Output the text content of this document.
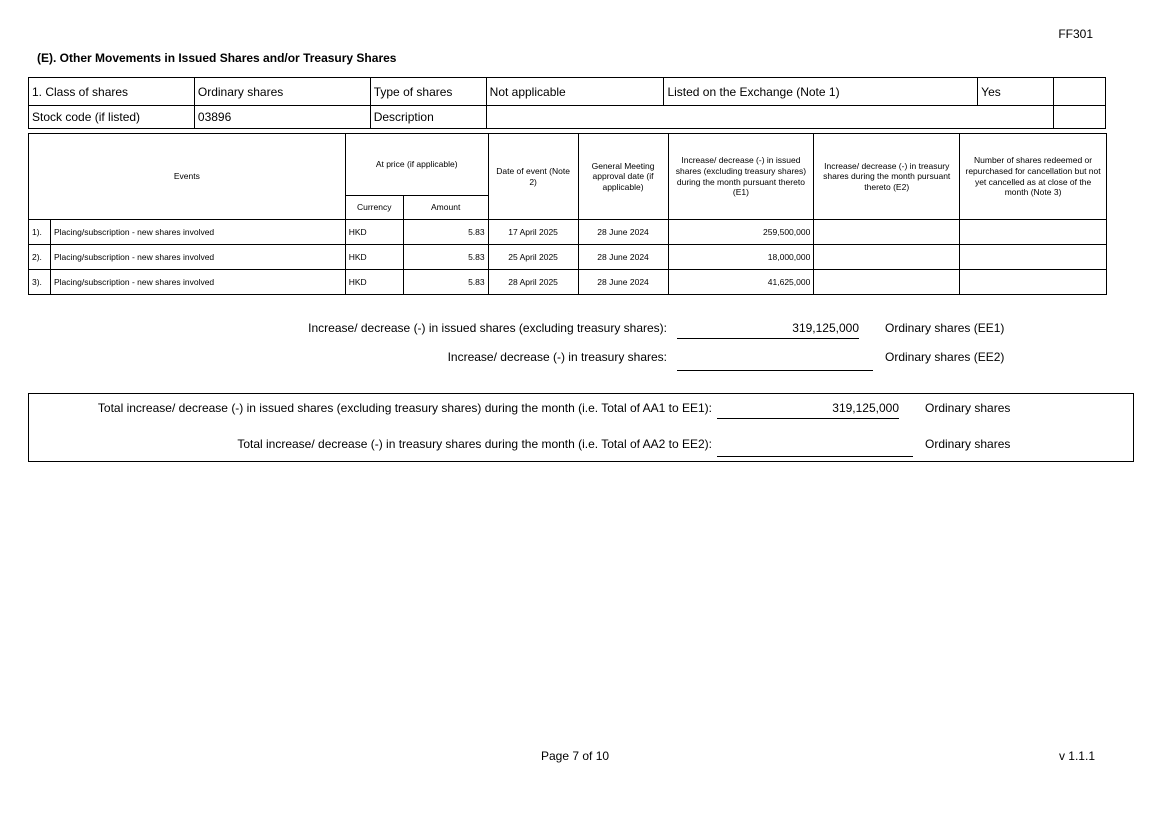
FF301
(E). Other Movements in Issued Shares and/or Treasury Shares
1. Class of shares	Ordinary shares	Type of shares	Not applicable	Listed on the Exchange (Note 1)	Yes	
Stock code (if listed)	03896	Description				
Events		At price (if applicable)		Date of event (Note 2)	General Meeting approval date (if applicable)	Increase/ decrease (-) in issued shares (excluding treasury shares) during the month pursuant thereto (E1)	Increase/ decrease (-) in treasury shares during the month pursuant thereto (E2)	Number of shares redeemed or repurchased for cancellation but not yet cancelled as at close of the month (Note 3)
		Currency	Amount					
1).	Placing/subscription - new shares involved	HKD	5.83	17 April 2025	28 June 2024	259,500,000		
2).	Placing/subscription - new shares involved	HKD	5.83	25 April 2025	28 June 2024	18,000,000		
3).	Placing/subscription - new shares involved	HKD	5.83	28 April 2025	28 June 2024	41,625,000		
Increase/ decrease (-) in issued shares (excluding treasury shares):	319,125,000 Ordinary shares (EE1)
Increase/ decrease (-) in treasury shares:	Ordinary shares (EE2)
Total increase/ decrease (-) in issued shares (excluding treasury shares) during the month (i.e. Total of AA1 to EE1):	319,125,000 Ordinary shares
Total increase/ decrease (-) in treasury shares during the month (i.e. Total of AA2 to EE2):	Ordinary shares
Page 7 of 10	v 1.1.1
